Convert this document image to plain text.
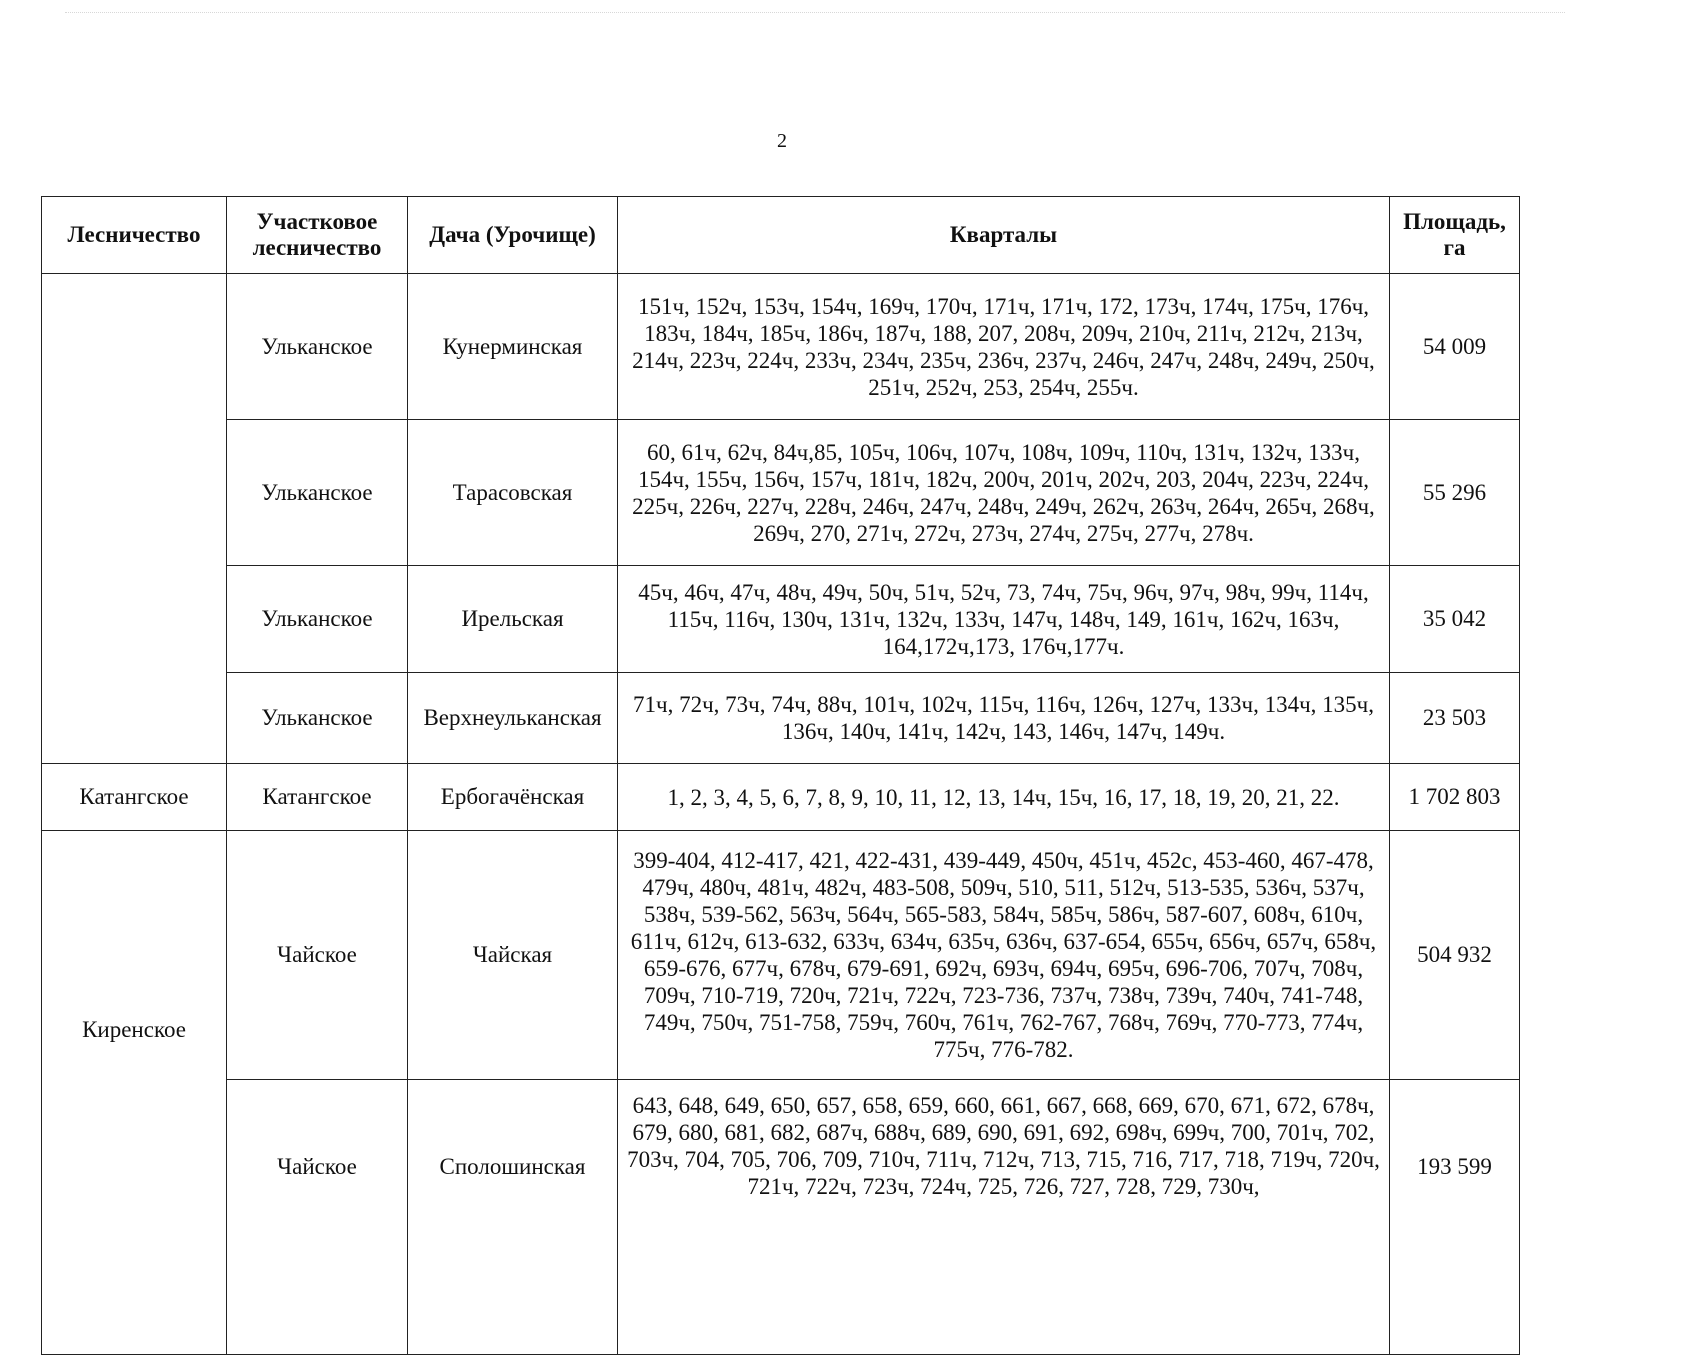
2
Лесничество	Участковое лесничество	Дача (Урочище)	Кварталы	Площадь, га
	Ульканское	Кунерминская	151ч, 152ч, 153ч, 154ч, 169ч, 170ч, 171ч, 171ч, 172, 173ч, 174ч, 175ч, 176ч, 183ч, 184ч, 185ч, 186ч, 187ч, 188, 207, 208ч, 209ч, 210ч, 211ч, 212ч, 213ч, 214ч, 223ч, 224ч, 233ч, 234ч, 235ч, 236ч, 237ч, 246ч, 247ч, 248ч, 249ч, 250ч, 251ч, 252ч, 253, 254ч, 255ч.	54 009
	Ульканское	Тарасовская	60, 61ч, 62ч, 84ч,85, 105ч, 106ч, 107ч, 108ч, 109ч, 110ч, 131ч, 132ч, 133ч, 154ч, 155ч, 156ч, 157ч, 181ч, 182ч, 200ч, 201ч, 202ч, 203, 204ч, 223ч, 224ч, 225ч, 226ч, 227ч, 228ч, 246ч, 247ч, 248ч, 249ч, 262ч, 263ч, 264ч, 265ч, 268ч, 269ч, 270, 271ч, 272ч, 273ч, 274ч, 275ч, 277ч, 278ч.	55 296
	Ульканское	Ирельская	45ч, 46ч, 47ч, 48ч, 49ч, 50ч, 51ч, 52ч, 73, 74ч, 75ч, 96ч, 97ч, 98ч, 99ч, 114ч, 115ч, 116ч, 130ч, 131ч, 132ч, 133ч, 147ч, 148ч, 149, 161ч, 162ч, 163ч, 164,172ч,173, 176ч,177ч.	35 042
	Ульканское	Верхнеульканская	71ч, 72ч, 73ч, 74ч, 88ч, 101ч, 102ч, 115ч, 116ч, 126ч, 127ч, 133ч, 134ч, 135ч, 136ч, 140ч, 141ч, 142ч, 143, 146ч, 147ч, 149ч.	23 503
Катангское	Катангское	Ербогачёнская	1, 2, 3, 4, 5, 6, 7, 8, 9, 10, 11, 12, 13, 14ч, 15ч, 16, 17, 18, 19, 20, 21, 22.	1 702 803
Киренское	Чайское	Чайская	399-404, 412-417, 421, 422-431, 439-449, 450ч, 451ч, 452с, 453-460, 467-478, 479ч, 480ч, 481ч, 482ч, 483-508, 509ч, 510, 511, 512ч, 513-535, 536ч, 537ч, 538ч, 539-562, 563ч, 564ч, 565-583, 584ч, 585ч, 586ч, 587-607, 608ч, 610ч, 611ч, 612ч, 613-632, 633ч, 634ч, 635ч, 636ч, 637-654, 655ч, 656ч, 657ч, 658ч, 659-676, 677ч, 678ч, 679-691, 692ч, 693ч, 694ч, 695ч, 696-706, 707ч, 708ч, 709ч, 710-719, 720ч, 721ч, 722ч, 723-736, 737ч, 738ч, 739ч, 740ч, 741-748, 749ч, 750ч, 751-758, 759ч, 760ч, 761ч, 762-767, 768ч, 769ч, 770-773, 774ч, 775ч, 776-782.	504 932
	Чайское	Сполошинская	643, 648, 649, 650, 657, 658, 659, 660, 661, 667, 668, 669, 670, 671, 672, 678ч, 679, 680, 681, 682, 687ч, 688ч, 689, 690, 691, 692, 698ч, 699ч, 700, 701ч, 702, 703ч, 704, 705, 706, 709, 710ч, 711ч, 712ч, 713, 715, 716, 717, 718, 719ч, 720ч, 721ч, 722ч, 723ч, 724ч, 725, 726, 727, 728, 729, 730ч,	193 599
